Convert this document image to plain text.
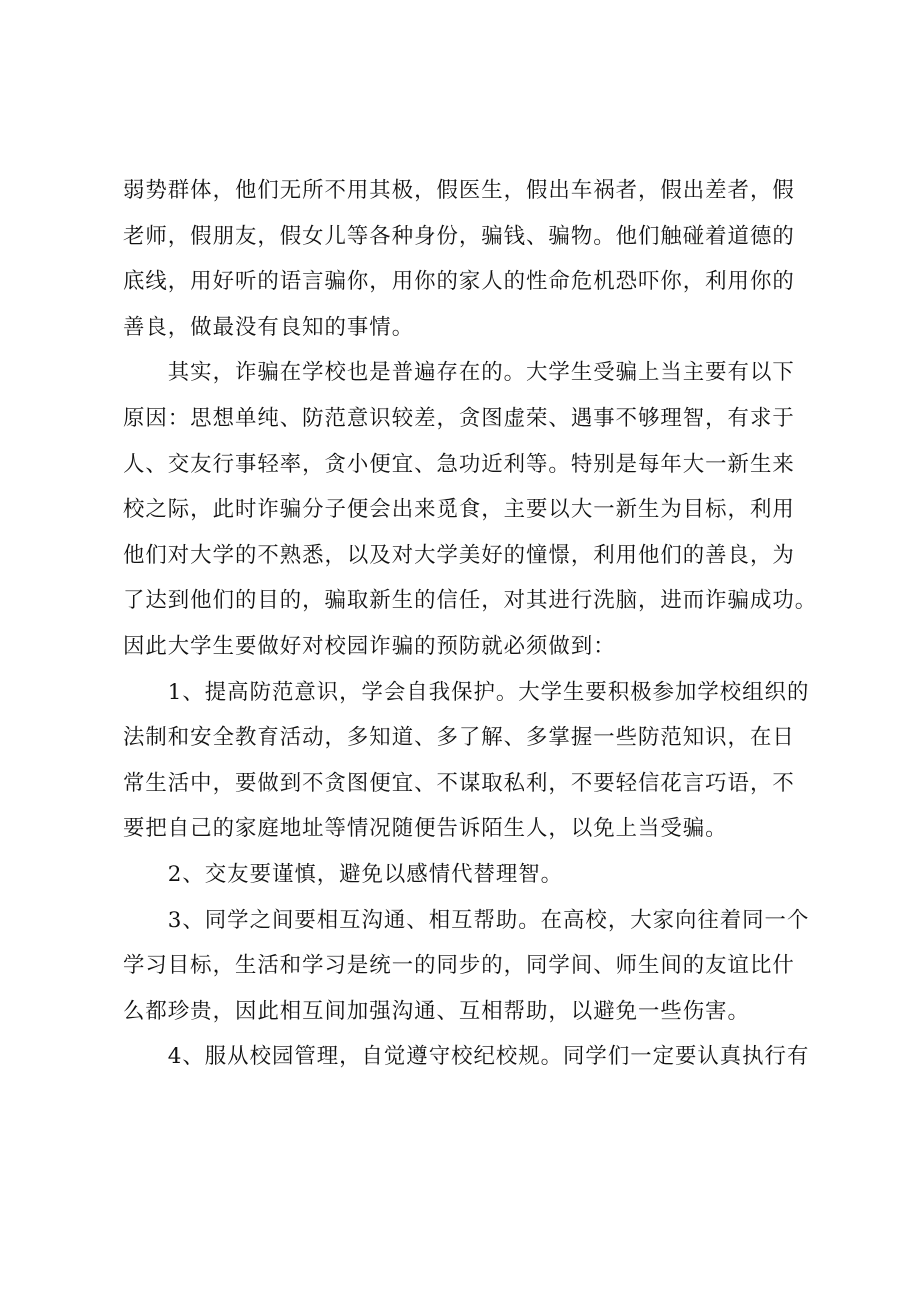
弱势群体，他们无所不用其极，假医生，假出车祸者，假出差者，假
老师，假朋友，假女儿等各种身份，骗钱、骗物。他们触碰着道德的
底线，用好听的语言骗你，用你的家人的性命危机恐吓你，利用你的
善良，做最没有良知的事情。
　　其实，诈骗在学校也是普遍存在的。大学生受骗上当主要有以下
原因：思想单纯、防范意识较差，贪图虚荣、遇事不够理智，有求于
人、交友行事轻率，贪小便宜、急功近利等。特别是每年大一新生来
校之际，此时诈骗分子便会出来觅食，主要以大一新生为目标，利用
他们对大学的不熟悉，以及对大学美好的憧憬，利用他们的善良，为
了达到他们的目的，骗取新生的信任，对其进行洗脑，进而诈骗成功。
因此大学生要做好对校园诈骗的预防就必须做到：
　　1、提高防范意识，学会自我保护。大学生要积极参加学校组织的
法制和安全教育活动，多知道、多了解、多掌握一些防范知识，在日
常生活中，要做到不贪图便宜、不谋取私利，不要轻信花言巧语，不
要把自己的家庭地址等情况随便告诉陌生人，以免上当受骗。
　　2、交友要谨慎，避免以感情代替理智。
　　3、同学之间要相互沟通、相互帮助。在高校，大家向往着同一个
学习目标，生活和学习是统一的同步的，同学间、师生间的友谊比什
么都珍贵，因此相互间加强沟通、互相帮助，以避免一些伤害。
　　4、服从校园管理，自觉遵守校纪校规。同学们一定要认真执行有
